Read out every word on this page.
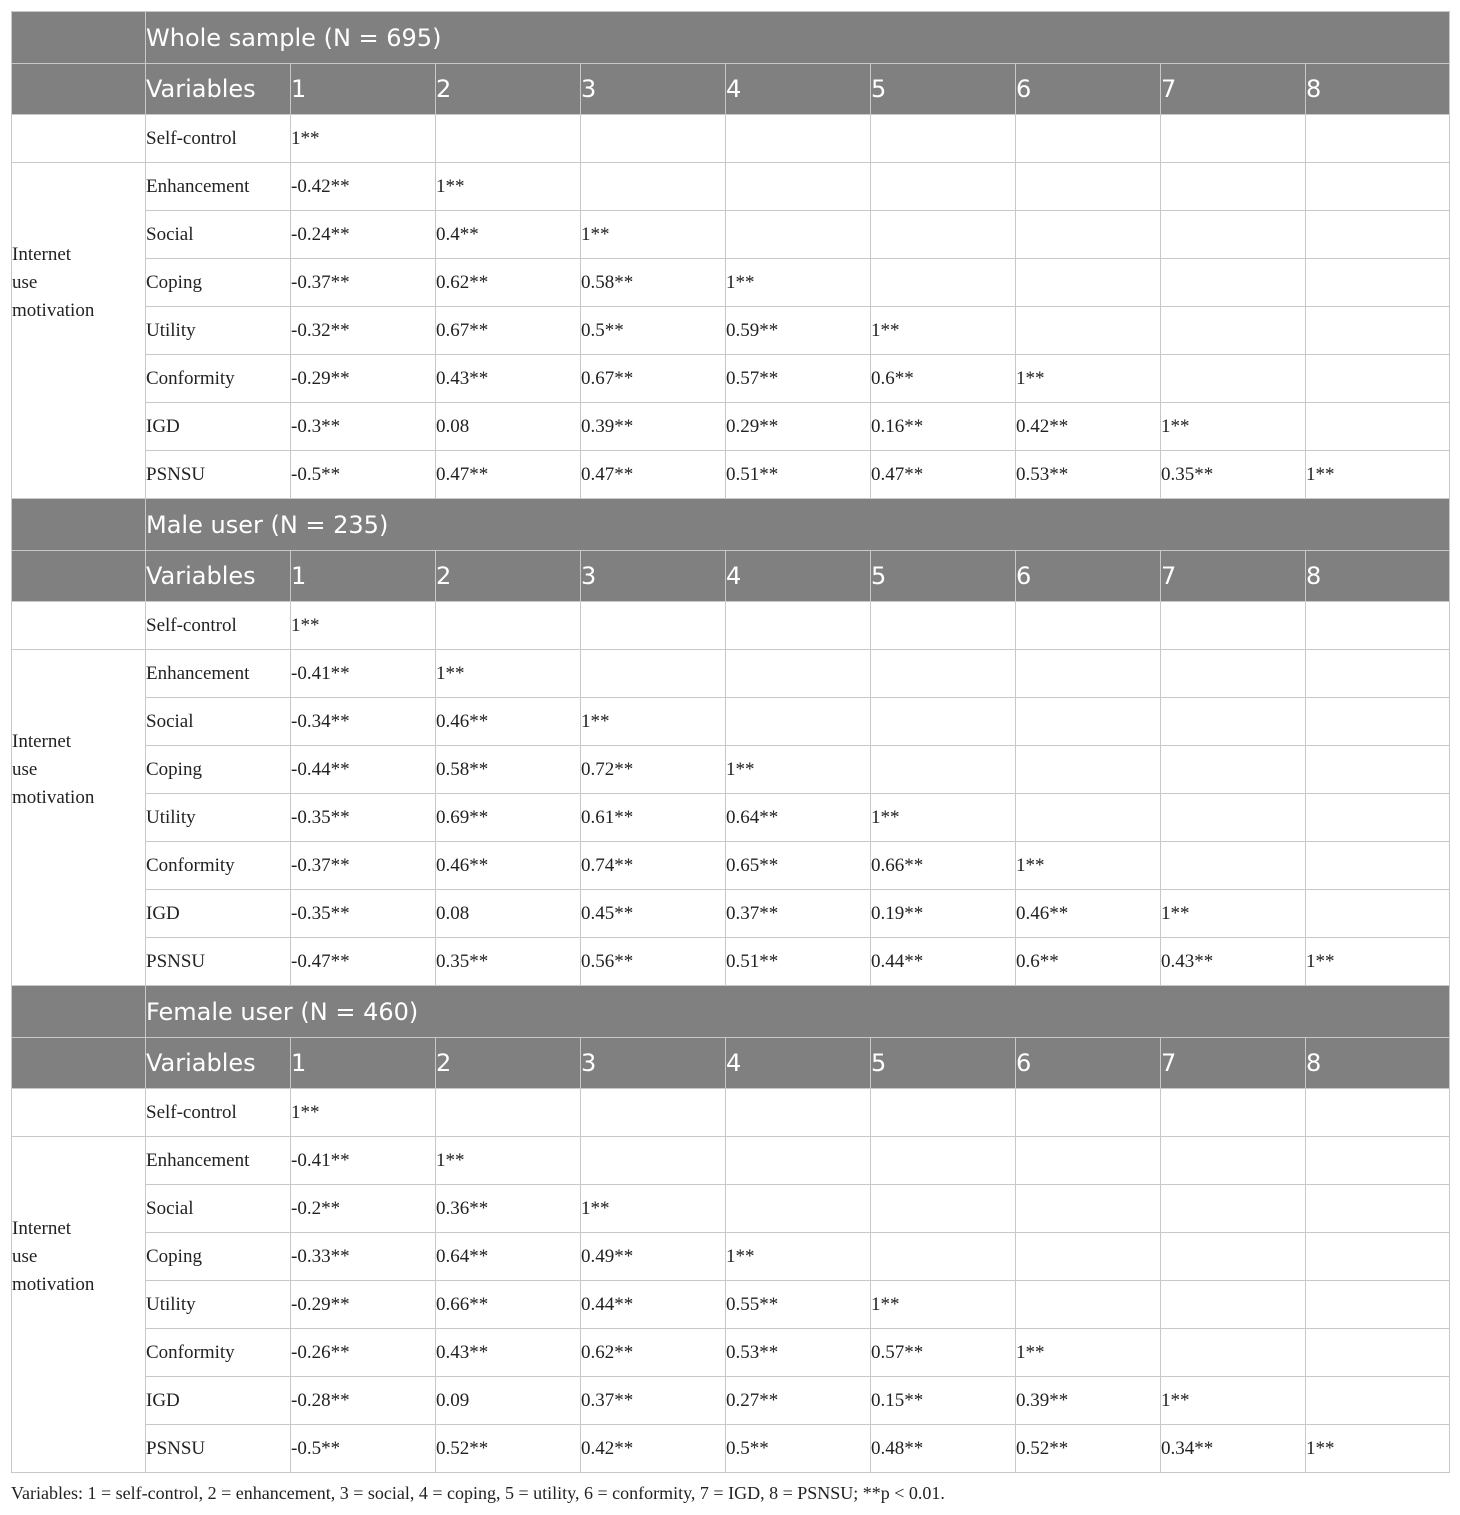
	Whole sample (N = 695)								
	Variables	1	2	3	4	5	6	7	8
	Self-control	1**							
Internet
use
motivation	Enhancement	-0.42**	1**						
	Social	-0.24**	0.4**	1**					
	Coping	-0.37**	0.62**	0.58**	1**				
	Utility	-0.32**	0.67**	0.5**	0.59**	1**			
	Conformity	-0.29**	0.43**	0.67**	0.57**	0.6**	1**		
	IGD	-0.3**	0.08	0.39**	0.29**	0.16**	0.42**	1**	
	PSNSU	-0.5**	0.47**	0.47**	0.51**	0.47**	0.53**	0.35**	1**
	Male user (N = 235)								
	Variables	1	2	3	4	5	6	7	8
	Self-control	1**							
Internet
use
motivation	Enhancement	-0.41**	1**						
	Social	-0.34**	0.46**	1**					
	Coping	-0.44**	0.58**	0.72**	1**				
	Utility	-0.35**	0.69**	0.61**	0.64**	1**			
	Conformity	-0.37**	0.46**	0.74**	0.65**	0.66**	1**		
	IGD	-0.35**	0.08	0.45**	0.37**	0.19**	0.46**	1**	
	PSNSU	-0.47**	0.35**	0.56**	0.51**	0.44**	0.6**	0.43**	1**
	Female user (N = 460)								
	Variables	1	2	3	4	5	6	7	8
	Self-control	1**							
Internet
use
motivation	Enhancement	-0.41**	1**						
	Social	-0.2**	0.36**	1**					
	Coping	-0.33**	0.64**	0.49**	1**				
	Utility	-0.29**	0.66**	0.44**	0.55**	1**			
	Conformity	-0.26**	0.43**	0.62**	0.53**	0.57**	1**		
	IGD	-0.28**	0.09	0.37**	0.27**	0.15**	0.39**	1**	
	PSNSU	-0.5**	0.52**	0.42**	0.5**	0.48**	0.52**	0.34**	1**
Variables: 1 = self-control, 2 = enhancement, 3 = social, 4 = coping, 5 = utility, 6 = conformity, 7 = IGD, 8 = PSNSU; **p < 0.01.
